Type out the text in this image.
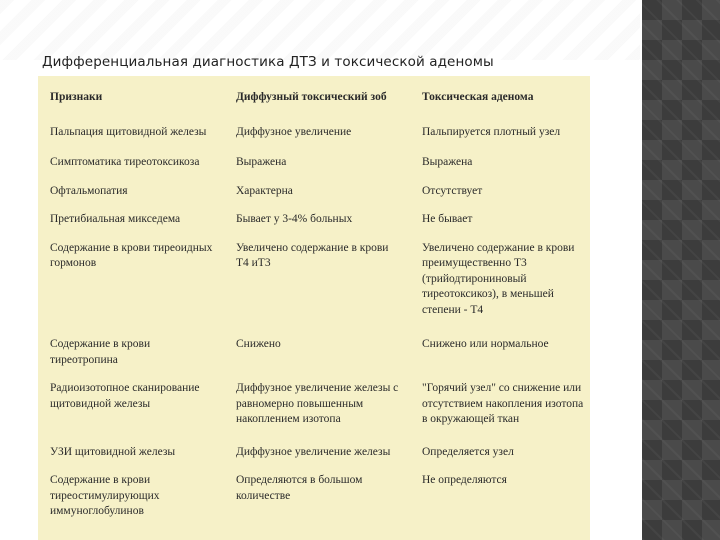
Дифференциальная диагностика ДТЗ и токсической аденомы
Признаки	Диффузный токсический зоб	Токсическая аденома
Пальпация щитовидной железы	Диффузное увеличение	Пальпируется плотный узел
Симптоматика тиреотоксикоза	Выражена	Выражена
Офтальмопатия	Характерна	Отсутствует
Претибиальная микседема	Бывает у 3-4% больных	Не бывает
Содержание в крови тиреоидных гормонов	Увеличено содержание в крови Т4 иТ3	Увеличено содержание в крови преимущественно Т3 (трийодтирониновый тиреотоксикоз), в меньшей степени - Т4
Содержание в крови тиреотропина	Снижено	Снижено или нормальное
Радиоизотопное сканирование щитовидной железы	Диффузное увеличение железы с равномерно повышенным накоплением изотопа	"Горячий узел" со снижение или отсутствием накопления изотопа в окружающей ткан
УЗИ щитовидной железы	Диффузное увеличение железы	Определяется узел
Содержание в крови тиреостимулирующих иммуноглобулинов	Определяются в большом количестве	Не определяются
